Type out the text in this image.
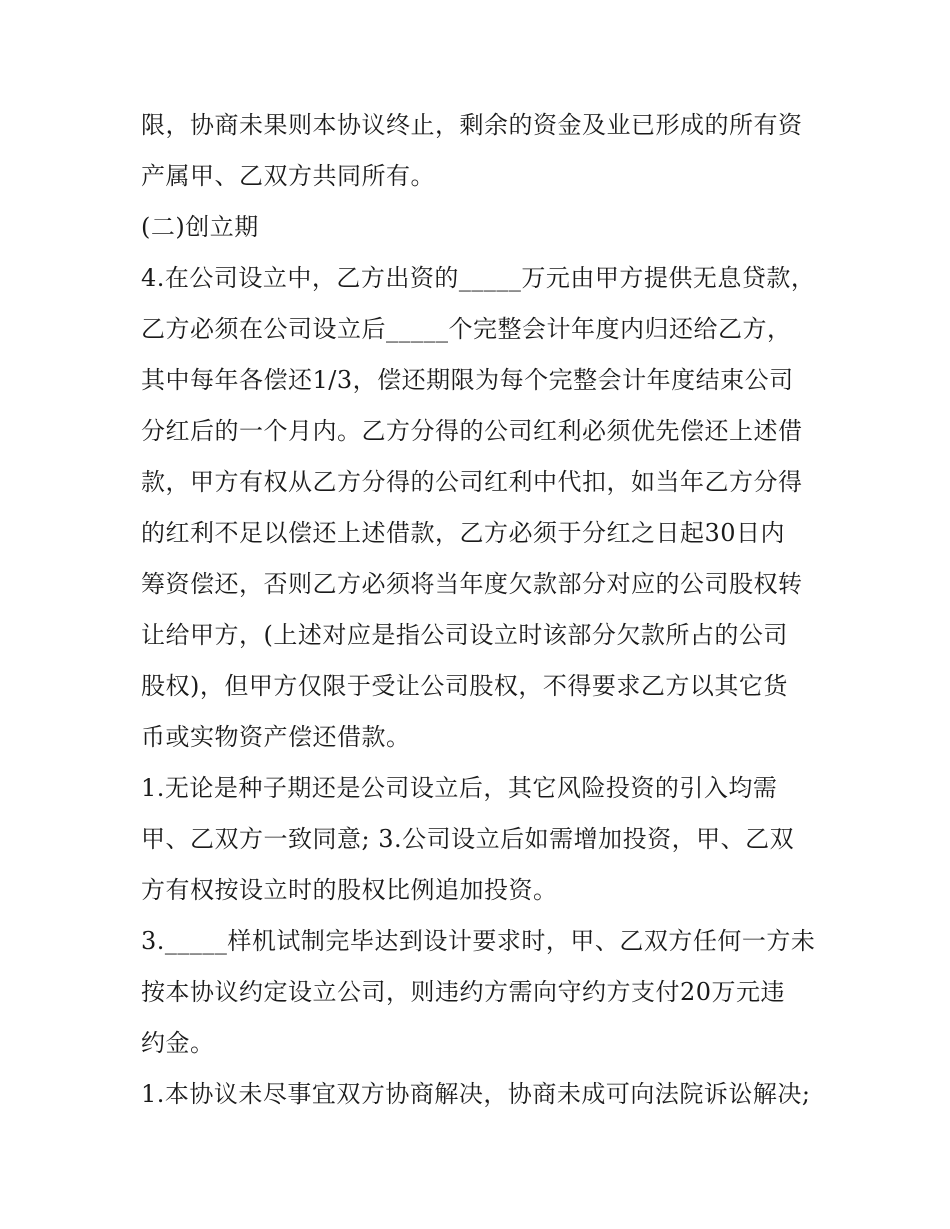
限，协商未果则本协议终止，剩余的资金及业已形成的所有资
产属甲、乙双方共同所有。
(二)创立期
4.在公司设立中，乙方出资的_____万元由甲方提供无息贷款，
乙方必须在公司设立后_____个完整会计年度内归还给乙方，
其中每年各偿还1/3，偿还期限为每个完整会计年度结束公司
分红后的一个月内。乙方分得的公司红利必须优先偿还上述借
款，甲方有权从乙方分得的公司红利中代扣，如当年乙方分得
的红利不足以偿还上述借款，乙方必须于分红之日起30日内
筹资偿还，否则乙方必须将当年度欠款部分对应的公司股权转
让给甲方，(上述对应是指公司设立时该部分欠款所占的公司
股权)，但甲方仅限于受让公司股权，不得要求乙方以其它货
币或实物资产偿还借款。
1.无论是种子期还是公司设立后，其它风险投资的引入均需
甲、乙双方一致同意; 3.公司设立后如需增加投资，甲、乙双
方有权按设立时的股权比例追加投资。
3._____样机试制完毕达到设计要求时，甲、乙双方任何一方未
按本协议约定设立公司，则违约方需向守约方支付20万元违
约金。
1.本协议未尽事宜双方协商解决，协商未成可向法院诉讼解决;
